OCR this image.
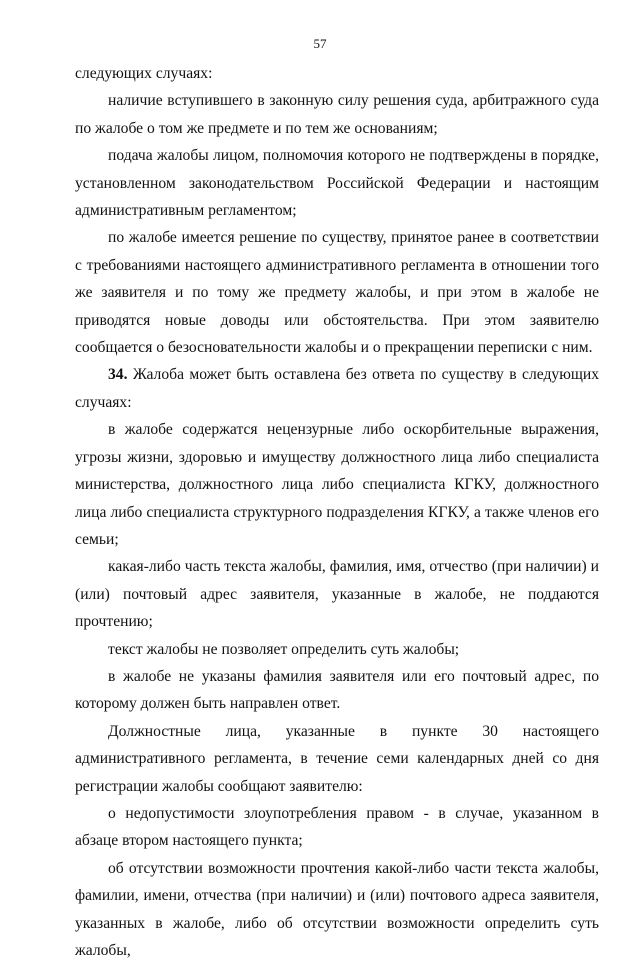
57

следующих случаях:

наличие вступившего в законную силу решения суда, арбитражного суда по жалобе о том же предмете и по тем же основаниям;

подача жалобы лицом, полномочия которого не подтверждены в порядке, установленном законодательством Российской Федерации и настоящим административным регламентом;

по жалобе имеется решение по существу, принятое ранее в соответствии с требованиями настоящего административного регламента в отношении того же заявителя и по тому же предмету жалобы, и при этом в жалобе не приводятся новые доводы или обстоятельства. При этом заявителю сообщается о безосновательности жалобы и о прекращении переписки с ним.

34. Жалоба может быть оставлена без ответа по существу в следующих случаях:

в жалобе содержатся нецензурные либо оскорбительные выражения, угрозы жизни, здоровью и имуществу должностного лица либо специалиста министерства, должностного лица либо специалиста КГКУ, должностного лица либо специалиста структурного подразделения КГКУ, а также членов его семьи;

какая-либо часть текста жалобы, фамилия, имя, отчество (при наличии) и (или) почтовый адрес заявителя, указанные в жалобе, не поддаются прочтению;

текст жалобы не позволяет определить суть жалобы;

в жалобе не указаны фамилия заявителя или его почтовый адрес, по которому должен быть направлен ответ.

Должностные лица, указанные в пункте 30 настоящего административного регламента, в течение семи календарных дней со дня регистрации жалобы сообщают заявителю:

о недопустимости злоупотребления правом - в случае, указанном в абзаце втором настоящего пункта;

об отсутствии возможности прочтения какой-либо части текста жалобы, фамилии, имени, отчества (при наличии) и (или) почтового адреса заявителя, указанных в жалобе, либо об отсутствии возможности определить суть жалобы,
